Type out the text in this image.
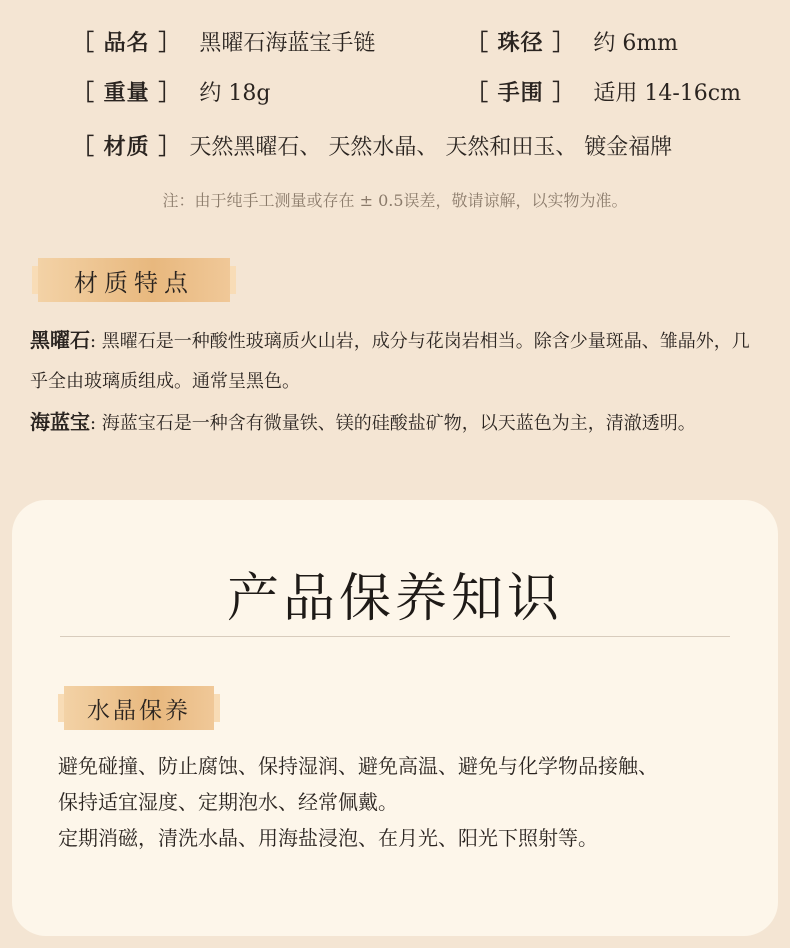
［ 品名 ］ 黑曜石海蓝宝手链	［ 珠径 ］ 约 6mm
［ 重量 ］ 约 18g	［ 手围 ］ 适用 14-16cm
［ 材质 ］ 天然黑曜石、 天然水晶、 天然和田玉、 镀金福牌
注：由于纯手工测量或存在 ± 0.5误差，敬请谅解，以实物为准。
材质特点
黑曜石: 黑曜石是一种酸性玻璃质火山岩，成分与花岗岩相当。除含少量斑晶、雏晶外，几乎全由玻璃质组成。通常呈黑色。
海蓝宝: 海蓝宝石是一种含有微量铁、镁的硅酸盐矿物，以天蓝色为主，清澈透明。
产品保养知识
水晶保养
避免碰撞、防止腐蚀、保持湿润、避免高温、避免与化学物品接触、
保持适宜湿度、定期泡水、经常佩戴。
定期消磁，清洗水晶、用海盐浸泡、在月光、阳光下照射等。
